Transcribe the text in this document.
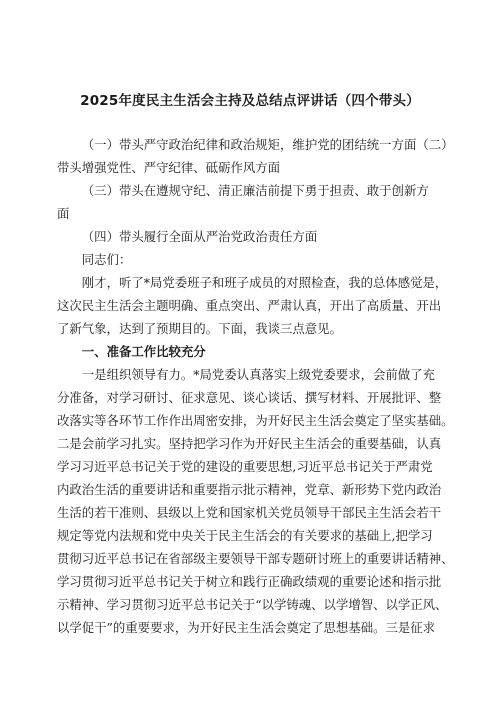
2025年度民主生活会主持及总结点评讲话（四个带头）

（一）带头严守政治纪律和政治规矩，维护党的团结统一方面（二）
带头增强党性、严守纪律、砥砺作风方面

（三）带头在遵规守纪、清正廉洁前提下勇于担责、敢于创新方
面

（四）带头履行全面从严治党政治责任方面

同志们：

刚才，听了*局党委班子和班子成员的对照检查，我的总体感觉是，
这次民主生活会主题明确、重点突出、严肃认真，开出了高质量、开出
了新气象，达到了预期目的。下面，我谈三点意见。

一、准备工作比较充分

一是组织领导有力。*局党委认真落实上级党委要求，会前做了充
分准备，对学习研讨、征求意见、谈心谈话、撰写材料、开展批评、整
改落实等各环节工作作出周密安排，为开好民主生活会奠定了坚实基础。
二是会前学习扎实。坚持把学习作为开好民主生活会的重要基础，认真
学习习近平总书记关于党的建设的重要思想,习近平总书记关于严肃党
内政治生活的重要讲话和重要指示批示精神，党章、新形势下党内政治
生活的若干准则、县级以上党和国家机关党员领导干部民主生活会若干
规定等党内法规和党中央关于民主生活会的有关要求的基础上,把学习
贯彻习近平总书记在省部级主要领导干部专题研讨班上的重要讲话精神、
学习贯彻习近平总书记关于树立和践行正确政绩观的重要论述和指示批
示精神、学习贯彻习近平总书记关于“以学铸魂、以学增智、以学正风、
以学促干”的重要要求，为开好民主生活会奠定了思想基础。三是征求
